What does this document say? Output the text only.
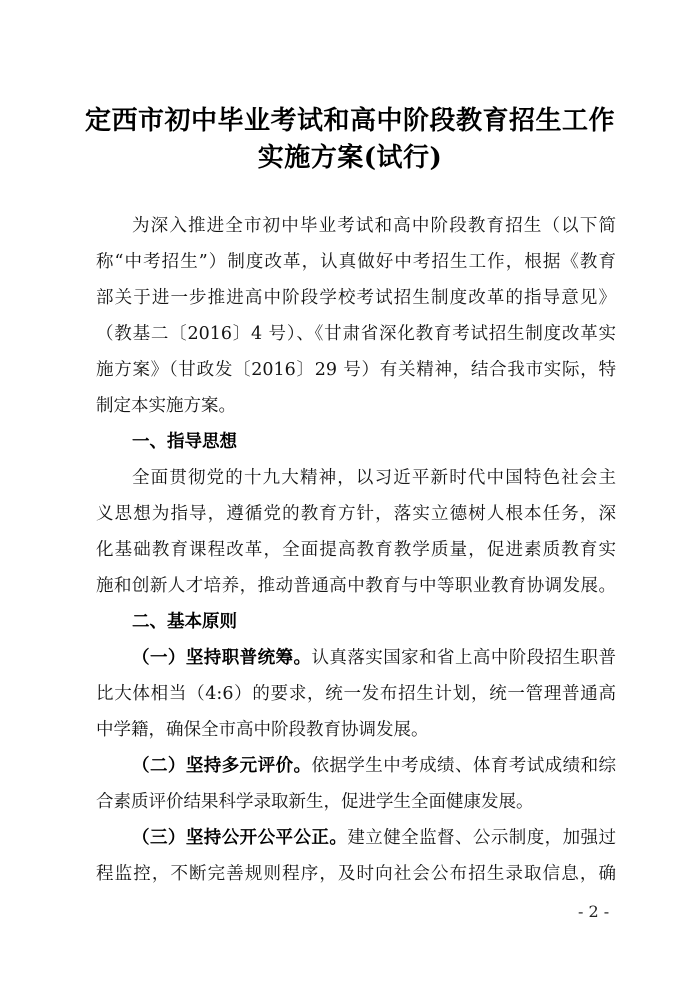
定西市初中毕业考试和高中阶段教育招生工作
实施方案(试行)
为深入推进全市初中毕业考试和高中阶段教育招生（以下简
称“中考招生”）制度改革，认真做好中考招生工作，根据《教育
部关于进一步推进高中阶段学校考试招生制度改革的指导意见》
（教基二〔2016〕4 号）、《甘肃省深化教育考试招生制度改革实
施方案》（甘政发〔2016〕29 号）有关精神，结合我市实际，特
制定本实施方案。
一、指导思想
全面贯彻党的十九大精神，以习近平新时代中国特色社会主
义思想为指导，遵循党的教育方针，落实立德树人根本任务，深
化基础教育课程改革，全面提高教育教学质量，促进素质教育实
施和创新人才培养，推动普通高中教育与中等职业教育协调发展。
二、基本原则
（一）坚持职普统筹。认真落实国家和省上高中阶段招生职普
比大体相当（4:6）的要求，统一发布招生计划，统一管理普通高
中学籍，确保全市高中阶段教育协调发展。
（二）坚持多元评价。依据学生中考成绩、体育考试成绩和综
合素质评价结果科学录取新生，促进学生全面健康发展。
（三）坚持公开公平公正。建立健全监督、公示制度，加强过
程监控，不断完善规则程序，及时向社会公布招生录取信息，确
- 2 -
